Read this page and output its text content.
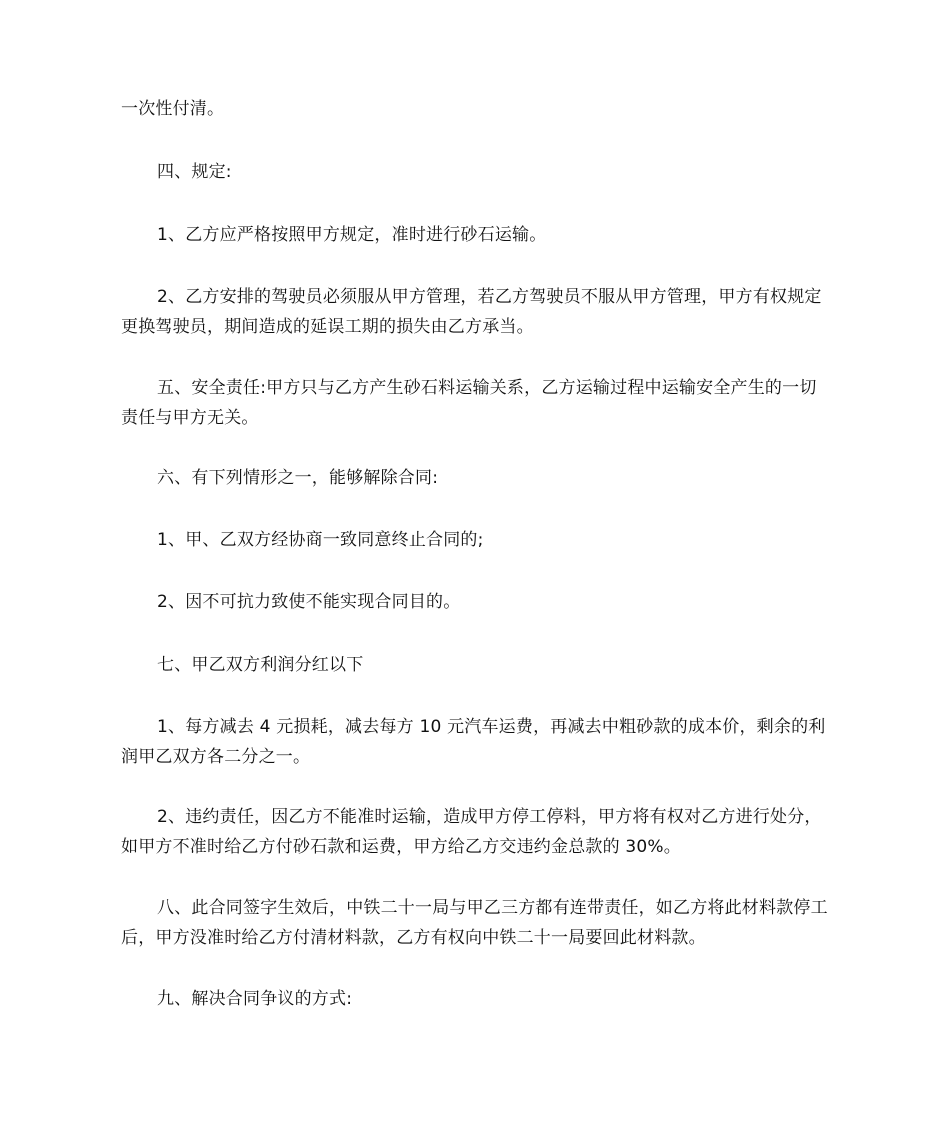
一次性付清。

四、规定:

1、乙方应严格按照甲方规定，准时进行砂石运输。

2、乙方安排的驾驶员必须服从甲方管理，若乙方驾驶员不服从甲方管理，甲方有权规定更换驾驶员，期间造成的延误工期的损失由乙方承当。

五、安全责任:甲方只与乙方产生砂石料运输关系，乙方运输过程中运输安全产生的一切责任与甲方无关。

六、有下列情形之一，能够解除合同:

1、甲、乙双方经协商一致同意终止合同的;

2、因不可抗力致使不能实现合同目的。

七、甲乙双方利润分红以下

1、每方减去 4 元损耗，减去每方 10 元汽车运费，再减去中粗砂款的成本价，剩余的利润甲乙双方各二分之一。

2、违约责任，因乙方不能准时运输，造成甲方停工停料，甲方将有权对乙方进行处分，如甲方不准时给乙方付砂石款和运费，甲方给乙方交违约金总款的 30%。

八、此合同签字生效后，中铁二十一局与甲乙三方都有连带责任，如乙方将此材料款停工后，甲方没准时给乙方付清材料款，乙方有权向中铁二十一局要回此材料款。

九、解决合同争议的方式:
